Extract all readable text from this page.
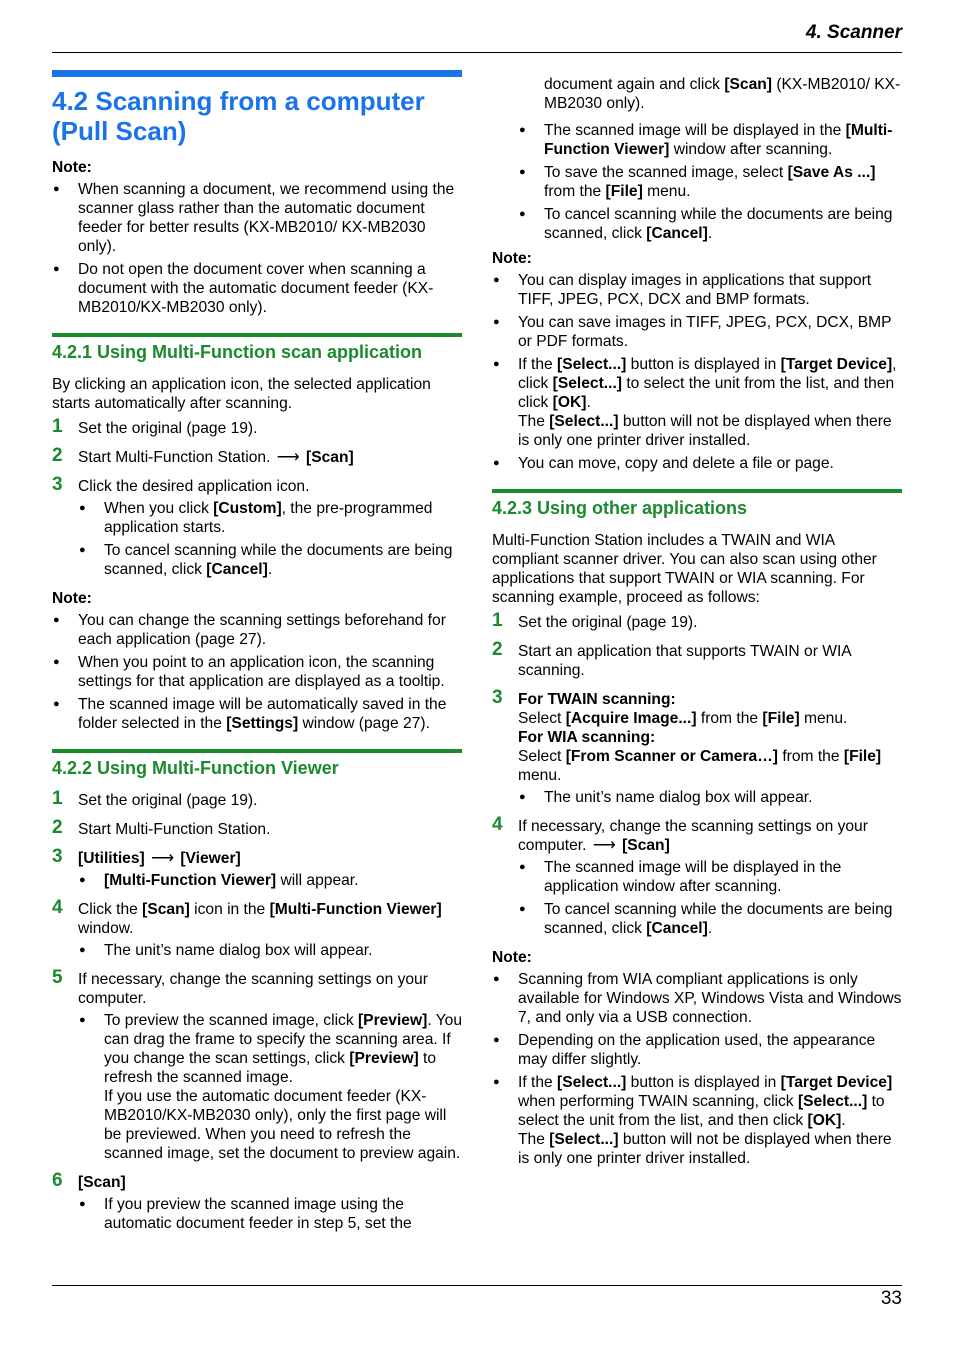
4. Scanner
4.2 Scanning from a computer
(Pull Scan)
Note:
● When scanning a document, we recommend using the scanner glass rather than the automatic document feeder for better results (KX-MB2010/ KX-MB2030 only).
● Do not open the document cover when scanning a document with the automatic document feeder (KX-MB2010/KX-MB2030 only).
4.2.1 Using Multi-Function scan application

By clicking an application icon, the selected application starts automatically after scanning.

1 Set the original (page 19).
2 Start Multi-Function Station. ⟶ [Scan]
3 Click the desired application icon.
● When you click [Custom], the pre-programmed application starts.
● To cancel scanning while the documents are being scanned, click [Cancel].
Note:
● You can change the scanning settings beforehand for each application (page 27).
● When you point to an application icon, the scanning settings for that application are displayed as a tooltip.
● The scanned image will be automatically saved in the folder selected in the [Settings] window (page 27).
4.2.2 Using Multi-Function Viewer
1 Set the original (page 19).
2 Start Multi-Function Station.
3 [Utilities] ⟶ [Viewer]
● [Multi-Function Viewer] will appear.
4 Click the [Scan] icon in the [Multi-Function Viewer] window.
● The unit’s name dialog box will appear.
5 If necessary, change the scanning settings on your computer.
● To preview the scanned image, click [Preview]. You can drag the frame to specify the scanning area. If you change the scan settings, click [Preview] to refresh the scanned image.
If you use the automatic document feeder (KX-MB2010/KX-MB2030 only), only the first page will be previewed. When you need to refresh the scanned image, set the document to preview again.
6 [Scan]
● If you preview the scanned image using the automatic document feeder in step 5, set the

document again and click [Scan] (KX-MB2010/ KX-MB2030 only).

● The scanned image will be displayed in the [Multi-Function Viewer] window after scanning.
● To save the scanned image, select [Save As ...] from the [File] menu.
● To cancel scanning while the documents are being scanned, click [Cancel].
Note:
● You can display images in applications that support TIFF, JPEG, PCX, DCX and BMP formats.
● You can save images in TIFF, JPEG, PCX, DCX, BMP or PDF formats.
● If the [Select...] button is displayed in [Target Device], click [Select...] to select the unit from the list, and then click [OK].
The [Select...] button will not be displayed when there is only one printer driver installed.
● You can move, copy and delete a file or page.
4.2.3 Using other applications

Multi-Function Station includes a TWAIN and WIA compliant scanner driver. You can also scan using other applications that support TWAIN or WIA scanning. For scanning example, proceed as follows:

1 Set the original (page 19).
2 Start an application that supports TWAIN or WIA scanning.
3 For TWAIN scanning:
Select [Acquire Image...] from the [File] menu.
For WIA scanning:
Select [From Scanner or Camera…] from the [File] menu.
● The unit’s name dialog box will appear.
4 If necessary, change the scanning settings on your computer. ⟶ [Scan]
● The scanned image will be displayed in the application window after scanning.
● To cancel scanning while the documents are being scanned, click [Cancel].
Note:
● Scanning from WIA compliant applications is only available for Windows XP, Windows Vista and Windows 7, and only via a USB connection.
● Depending on the application used, the appearance may differ slightly.
● If the [Select...] button is displayed in [Target Device] when performing TWAIN scanning, click [Select...] to select the unit from the list, and then click [OK].
The [Select...] button will not be displayed when there is only one printer driver installed.
33
